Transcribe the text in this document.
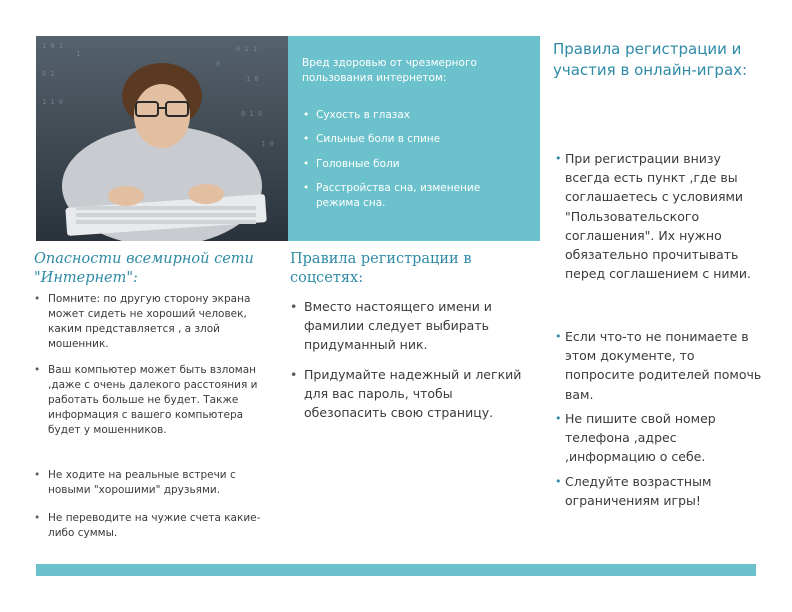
1 0 1
0 1
1 1 0
0 1 1
1 0
0 1 0
1
0
1 0
Вред здоровью от чрезмерного пользования интернетом:
• Сухость в глазах
• Сильные боли в спине
• Головные боли
• Расстройства сна, изменение режима сна.
Опасности всемирной сети "Интернет":
• Помните: по другую сторону экрана может сидеть не хороший человек, каким представляется , а злой мошенник.
• Ваш компьютер может быть взломан ,даже с очень далекого расстояния и работать больше не будет. Также информация с вашего компьютера будет у мошенников.
• Не ходите на реальные встречи с новыми "хорошими" друзьями.
• Не переводите на чужие счета какие-либо суммы.
Правила регистрации в соцсетях:
• Вместо настоящего имени и фамилии следует выбирать придуманный ник.
• Придумайте надежный и легкий для вас пароль, чтобы обезопасить свою страницу.
Правила регистрации и участия в онлайн-играх:
• При регистрации внизу всегда есть пункт ,где вы соглашаетесь с условиями "Пользовательского соглашения". Их нужно обязательно прочитывать перед соглашением с ними.
• Если что-то не понимаете в этом документе, то попросите родителей помочь вам.
• Не пишите свой номер телефона ,адрес ,информацию о себе.
• Следуйте возрастным ограничениям игры!
